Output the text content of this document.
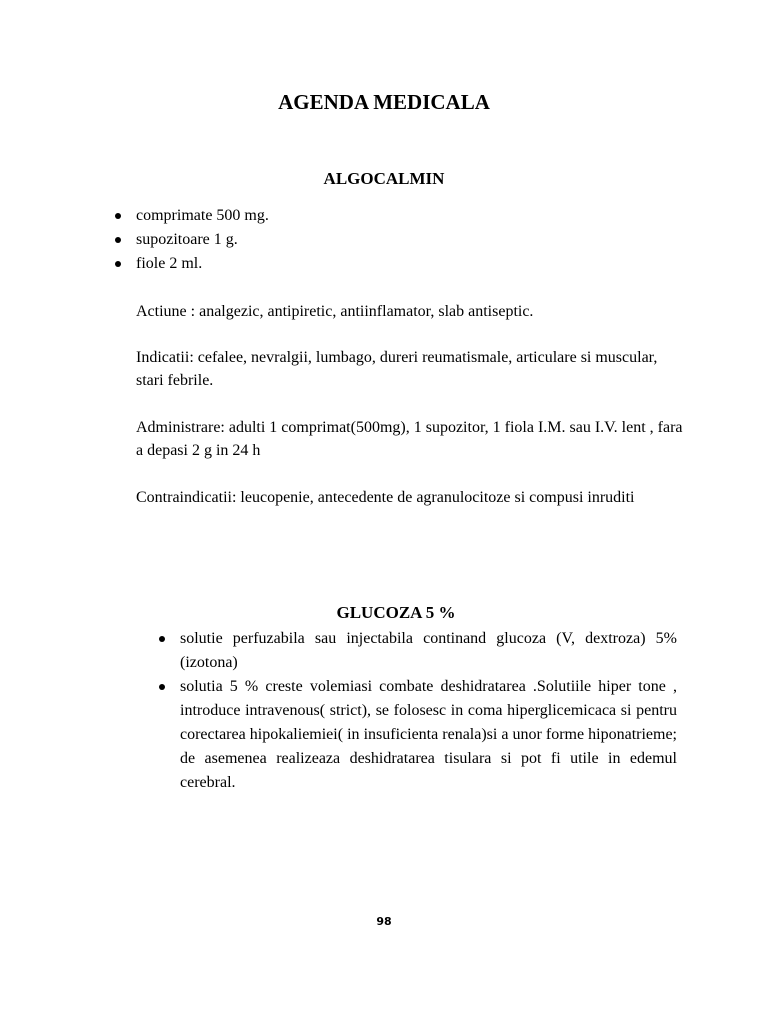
AGENDA MEDICALA
ALGOCALMIN
comprimate 500 mg.
supozitoare 1 g.
fiole 2 ml.

Actiune : analgezic, antipiretic, antiinflamator, slab antiseptic.

Indicatii: cefalee, nevralgii, lumbago, dureri reumatismale, articulare si muscular, stari febrile.

Administrare: adulti 1 comprimat(500mg), 1 supozitor, 1 fiola I.M. sau I.V. lent , fara a depasi 2 g in 24 h

Contraindicatii: leucopenie, antecedente de agranulocitoze si compusi inruditi

GLUCOZA 5 %
solutie perfuzabila sau injectabila continand glucoza (V, dextroza) 5%(izotona)
solutia 5 % creste volemiasi combate deshidratarea .Solutiile hiper tone , introduce intravenous( strict), se folosesc in coma hiperglicemicaca si pentru corectarea hipokaliemiei( in insuficienta renala)si a unor forme hiponatrieme; de asemenea realizeaza deshidratarea tisulara si pot fi utile in edemul cerebral.

98
